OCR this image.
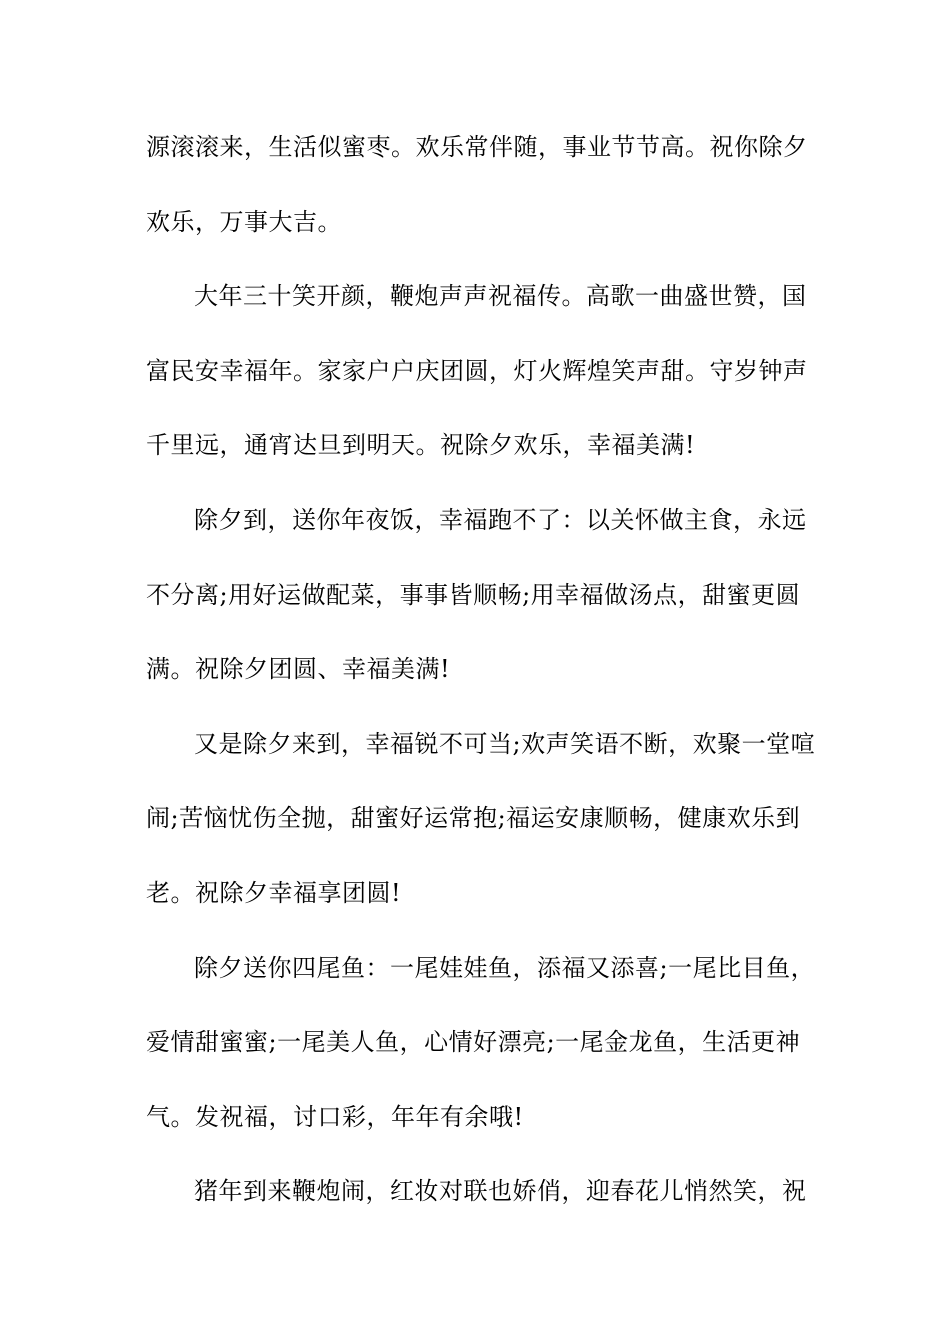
源滚滚来，生活似蜜枣。欢乐常伴随，事业节节高。祝你除夕
欢乐，万事大吉。
大年三十笑开颜，鞭炮声声祝福传。高歌一曲盛世赞，国
富民安幸福年。家家户户庆团圆，灯火辉煌笑声甜。守岁钟声
千里远，通宵达旦到明天。祝除夕欢乐，幸福美满!
除夕到，送你年夜饭，幸福跑不了：以关怀做主食，永远
不分离;用好运做配菜，事事皆顺畅;用幸福做汤点，甜蜜更圆
满。祝除夕团圆、幸福美满!
又是除夕来到，幸福锐不可当;欢声笑语不断，欢聚一堂喧
闹;苦恼忧伤全抛，甜蜜好运常抱;福运安康顺畅，健康欢乐到
老。祝除夕幸福享团圆!
除夕送你四尾鱼：一尾娃娃鱼，添福又添喜;一尾比目鱼，
爱情甜蜜蜜;一尾美人鱼，心情好漂亮;一尾金龙鱼，生活更神
气。发祝福，讨口彩，年年有余哦!
猪年到来鞭炮闹，红妆对联也娇俏，迎春花儿悄然笑，祝
